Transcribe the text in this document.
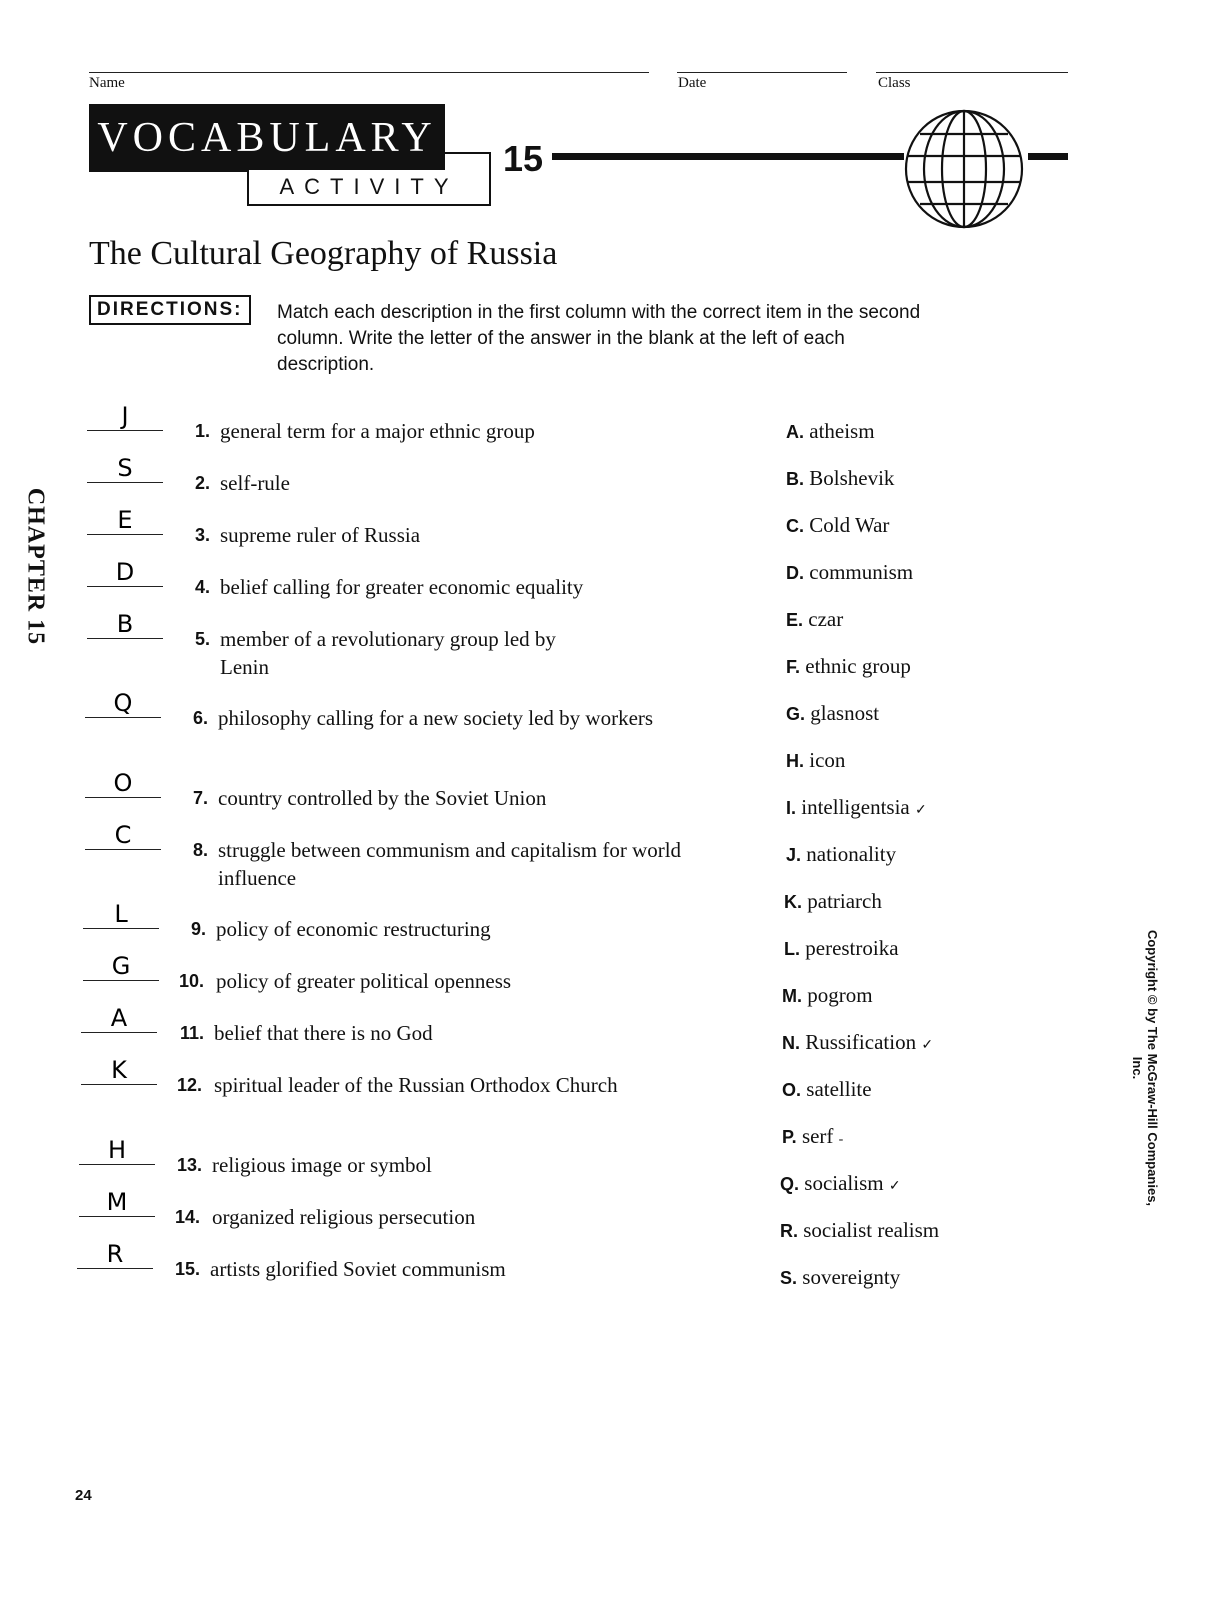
Name	Date	Class
VOCABULARY
ACTIVITY
15
The Cultural Geography of Russia
DIRECTIONS:	Match each description in the first column with the correct item in the second column. Write the letter of the answer in the blank at the left of each description.
J
1. general term for a major ethnic group
S
2. self-rule
E
3. supreme ruler of Russia
D
4. belief calling for greater economic equality
B
5. member of a revolutionary group led by Lenin
Q
6. philosophy calling for a new society led by workers
O
7. country controlled by the Soviet Union
C
8. struggle between communism and capitalism for world influence
L
9. policy of economic restructuring
G
10. policy of greater political openness
A
11. belief that there is no God
K
12. spiritual leader of the Russian Orthodox Church
H
13. religious image or symbol
M
14. organized religious persecution
R
15. artists glorified Soviet communism
A. atheism
B. Bolshevik
C. Cold War
D. communism
E. czar
F. ethnic group
G. glasnost
H. icon
I. intelligentsia ✓
J. nationality
K. patriarch
L. perestroika
M. pogrom
N. Russification ✓
O. satellite
P. serf -
Q. socialism ✓
R. socialist realism
S. sovereignty
CHAPTER 15
Copyright © by The McGraw-Hill Companies, Inc.
24
